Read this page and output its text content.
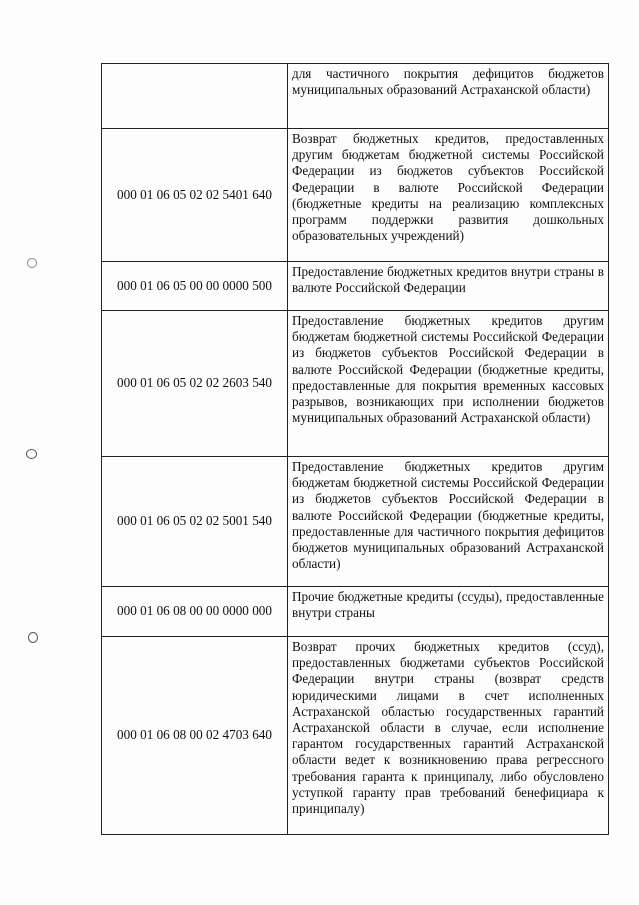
	для частичного покрытия дефицитов бюджетов муниципальных образований Астраханской области)
000 01 06 05 02 02 5401 640	Возврат бюджетных кредитов, предоставленных другим бюджетам бюджетной системы Российской Федерации из бюджетов субъектов Российской Федерации в валюте Российской Федерации (бюджетные кредиты на реализацию комплексных программ поддержки развития дошкольных образовательных учреждений)
000 01 06 05 00 00 0000 500	Предоставление бюджетных кредитов внутри страны в валюте Российской Федерации
000 01 06 05 02 02 2603 540	Предоставление бюджетных кредитов другим бюджетам бюджетной системы Российской Федерации из бюджетов субъектов Российской Федерации в валюте Российской Федерации (бюджетные кредиты, предоставленные для покрытия временных кассовых разрывов, возникающих при исполнении бюджетов муниципальных образований Астраханской области)
000 01 06 05 02 02 5001 540	Предоставление бюджетных кредитов другим бюджетам бюджетной системы Российской Федерации из бюджетов субъектов Российской Федерации в валюте Российской Федерации (бюджетные кредиты, предоставленные для частичного покрытия дефицитов бюджетов муниципальных образований Астраханской области)
000 01 06 08 00 00 0000 000	Прочие бюджетные кредиты (ссуды), предоставленные внутри страны
000 01 06 08 00 02 4703 640	Возврат прочих бюджетных кредитов (ссуд), предоставленных бюджетами субъектов Российской Федерации внутри страны (возврат средств юридическими лицами в счет исполненных Астраханской областью государственных гарантий Астраханской области в случае, если исполнение гарантом государственных гарантий Астраханской области ведет к возникновению права регрессного требования гаранта к принципалу, либо обусловлено уступкой гаранту прав требований бенефициара к принципалу)
